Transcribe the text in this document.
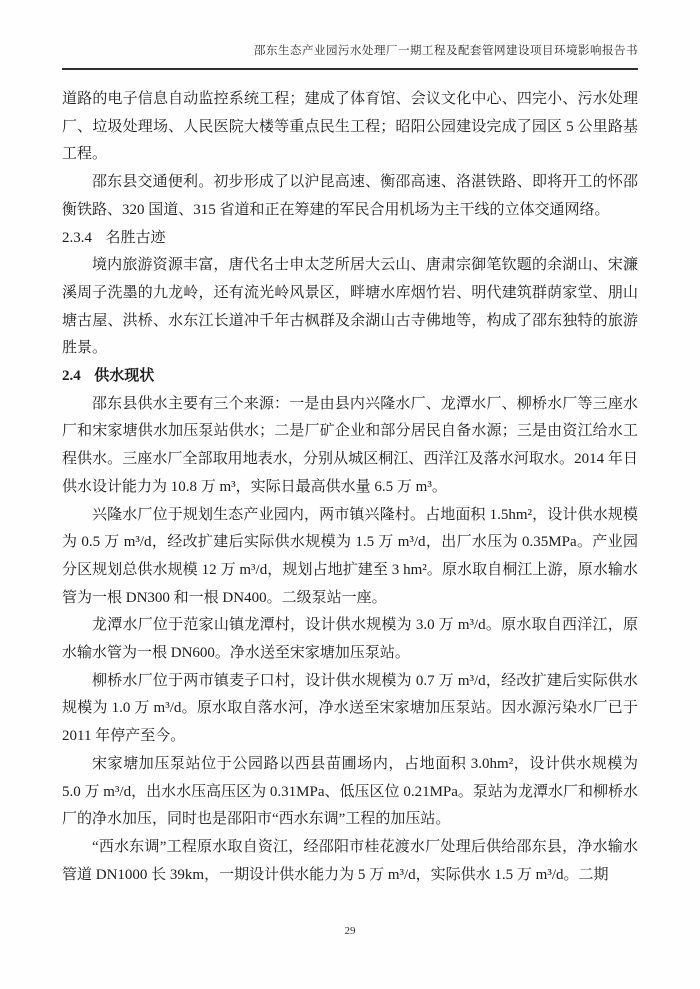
邵东生态产业园污水处理厂一期工程及配套管网建设项目环境影响报告书

道路的电子信息自动监控系统工程；建成了体育馆、会议文化中心、四完小、污水处理厂、垃圾处理场、人民医院大楼等重点民生工程；昭阳公园建设完成了园区 5 公里路基工程。

邵东县交通便利。初步形成了以沪昆高速、衡邵高速、洛湛铁路、即将开工的怀邵衡铁路、320 国道、315 省道和正在筹建的军民合用机场为主干线的立体交通网络。

2.3.4 名胜古迹

境内旅游资源丰富，唐代名士申太芝所居大云山、唐肃宗御笔钦题的余湖山、宋濂溪周子洗墨的九龙岭，还有流光岭风景区，畔塘水库烟竹岩、明代建筑群荫家堂、朋山塘古屋、洪桥、水东江长道冲千年古枫群及余湖山古寺佛地等，构成了邵东独特的旅游胜景。

2.4 供水现状

邵东县供水主要有三个来源：一是由县内兴隆水厂、龙潭水厂、柳桥水厂等三座水厂和宋家塘供水加压泵站供水；二是厂矿企业和部分居民自备水源；三是由资江给水工程供水。三座水厂全部取用地表水，分别从城区桐江、西洋江及落水河取水。2014 年日供水设计能力为 10.8 万 m³，实际日最高供水量 6.5 万 m³。

兴隆水厂位于规划生态产业园内，两市镇兴隆村。占地面积 1.5hm²，设计供水规模为 0.5 万 m³/d，经改扩建后实际供水规模为 1.5 万 m³/d，出厂水压为 0.35MPa。产业园分区规划总供水规模 12 万 m³/d，规划占地扩建至 3 hm²。原水取自桐江上游，原水输水管为一根 DN300 和一根 DN400。二级泵站一座。

龙潭水厂位于范家山镇龙潭村，设计供水规模为 3.0 万 m³/d。原水取自西洋江，原水输水管为一根 DN600。净水送至宋家塘加压泵站。

柳桥水厂位于两市镇麦子口村，设计供水规模为 0.7 万 m³/d，经改扩建后实际供水规模为 1.0 万 m³/d。原水取自落水河，净水送至宋家塘加压泵站。因水源污染水厂已于 2011 年停产至今。

宋家塘加压泵站位于公园路以西县苗圃场内，占地面积 3.0hm²，设计供水规模为 5.0 万 m³/d，出水水压高压区为 0.31MPa、低压区位 0.21MPa。泵站为龙潭水厂和柳桥水厂的净水加压，同时也是邵阳市“西水东调”工程的加压站。

“西水东调”工程原水取自资江，经邵阳市桂花渡水厂处理后供给邵东县，净水输水管道 DN1000 长 39km，一期设计供水能力为 5 万 m³/d，实际供水 1.5 万 m³/d。二期

29
